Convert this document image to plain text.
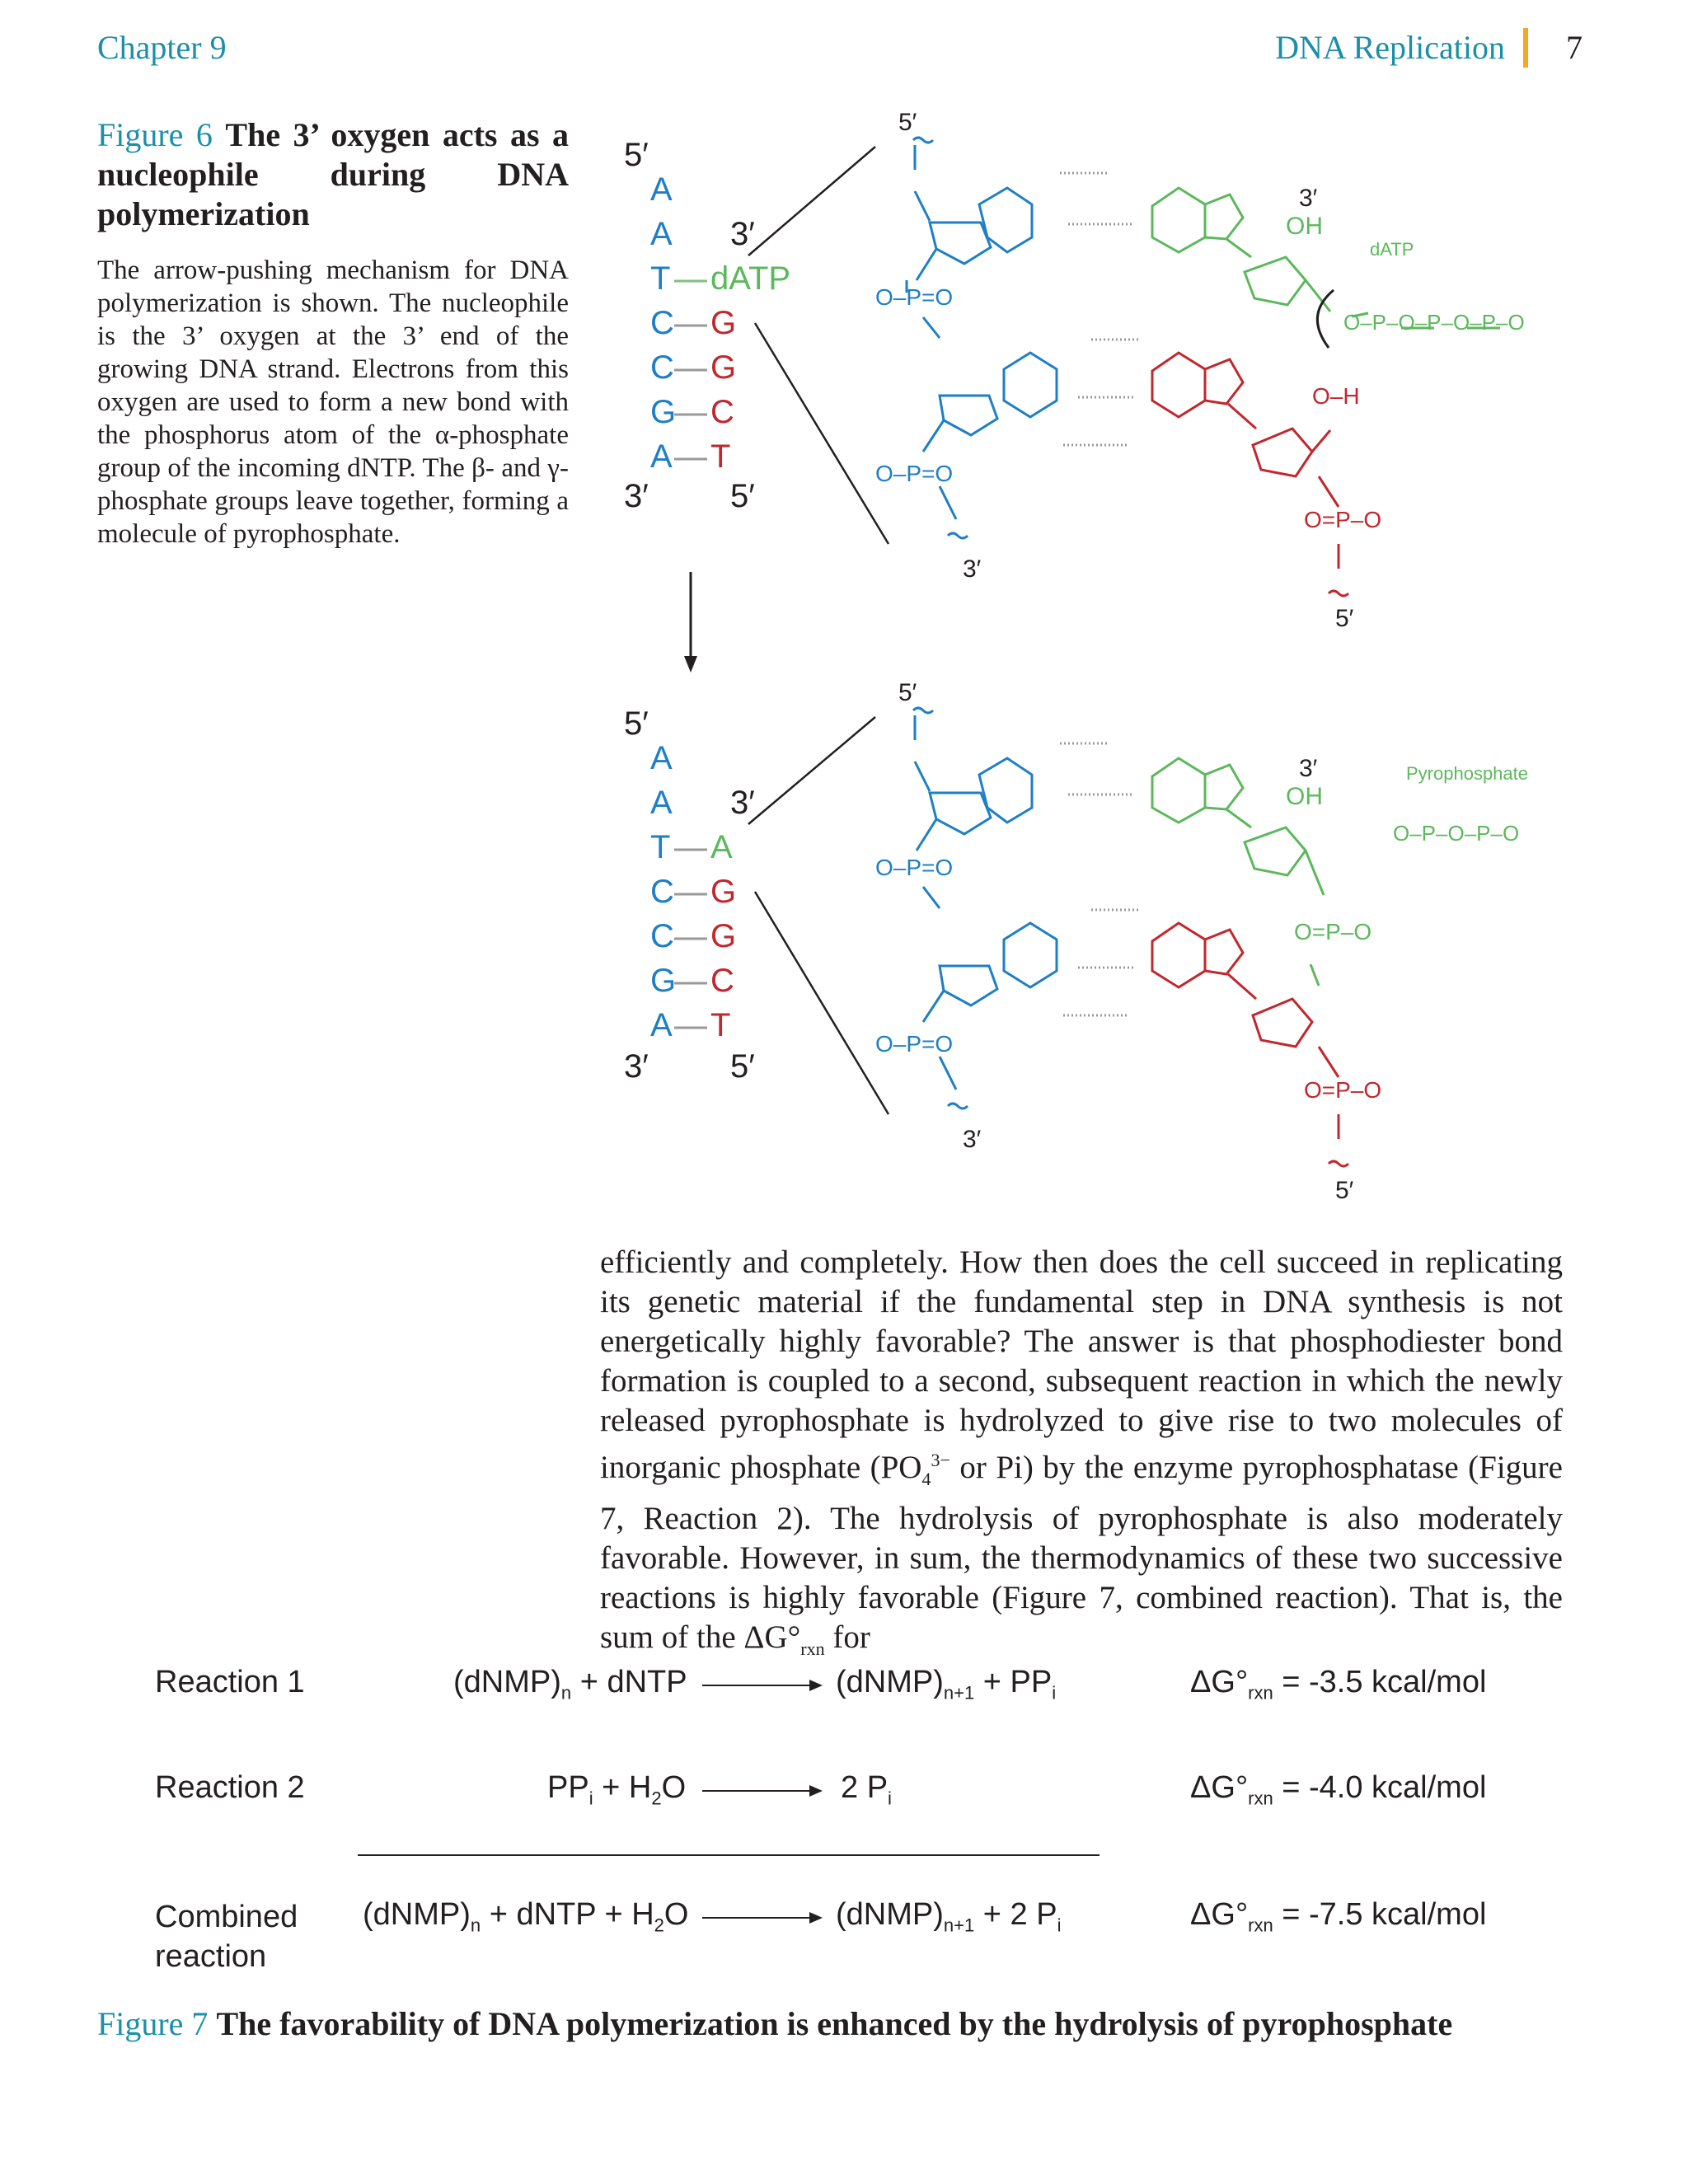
Chapter 9	DNA Replication 7
Figure 6 The 3’ oxygen acts as a nucleophile during DNA polymerization
The arrow-pushing mechanism for DNA polymerization is shown. The nucleophile is the 3’ oxygen at the 3’ end of the growing DNA strand. Electrons from this oxygen are used to form a new bond with the phosphorus atom of the α-phosphate group of the incoming dNTP. The β- and γ-phosphate groups leave together, forming a molecule of pyrophosphate.
5′
A
A 3′
T dATP
C G
C G
G C
A T
3′ 5′
5′
A
A 3′
T A
C G
C G
G C
A T
3′ 5′
5′
3′
OH
dATP
3′
5′
O–H
O–P=O
O–P=O
O=P–O
O–P–O–P–O–P–O
5′
3′
OH
Pyrophosphate
3′
5′
O–P=O
O–P=O
O=P–O
O=P–O
O–P–O–P–O
efficiently and completely. How then does the cell succeed in replicating its genetic material if the fundamental step in DNA synthesis is not energetically highly favorable? The answer is that phosphodiester bond formation is coupled to a second, subsequent reaction in which the newly released pyrophosphate is hydrolyzed to give rise to two molecules of inorganic phosphate ($PO_4^{3-}$ or Pi) by the enzyme pyrophosphatase (Figure 7, Reaction 2). The hydrolysis of pyrophosphate is also moderately favorable. However, in sum, the thermodynamics of these two successive reactions is highly favorable (Figure 7, combined reaction). That is, the sum of the $\Delta G^\circ_{rxn}$ for
Reaction 1	$(dNMP)_n$ + dNTP	$(dNMP)_{n+1} + PP_i$	$\Delta G^\circ_{rxn} = -3.5$ kcal/mol
Reaction 2	$PP_i + H_2O$	2 $P_i$	$\Delta G^\circ_{rxn} = -4.0$ kcal/mol
Combined
reaction
$(dNMP)_n$ + dNTP + $H_2O$	$(dNMP)_{n+1} + 2$ $P_i$	$\Delta G^\circ_{rxn} = -7.5$ kcal/mol
Figure 7 The favorability of DNA polymerization is enhanced by the hydrolysis of pyrophosphate
